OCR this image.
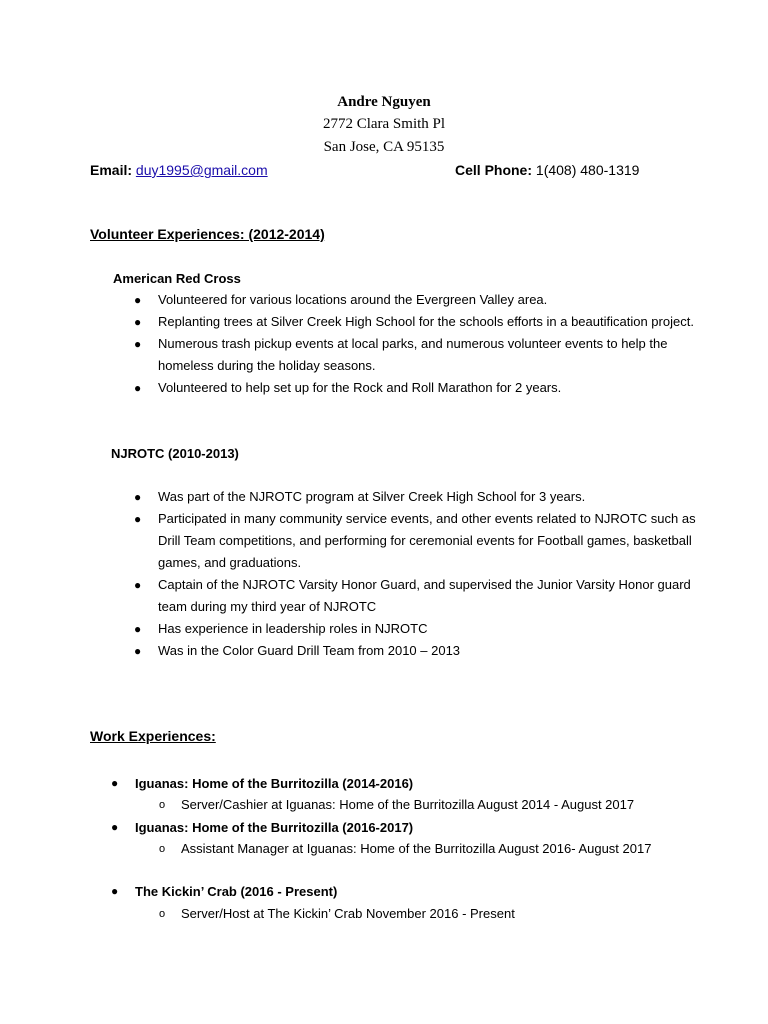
Andre Nguyen
2772 Clara Smith Pl
San Jose, CA 95135
Email: duy1995@gmail.com	Cell Phone: 1(408) 480-1319
Volunteer Experiences: (2012-2014)
American Red Cross
● Volunteered for various locations around the Evergreen Valley area.
● Replanting trees at Silver Creek High School for the schools efforts in a beautification project.
● Numerous trash pickup events at local parks, and numerous volunteer events to help the homeless during the holiday seasons.
● Volunteered to help set up for the Rock and Roll Marathon for 2 years.
NJROTC (2010-2013)
● Was part of the NJROTC program at Silver Creek High School for 3 years.
● Participated in many community service events, and other events related to NJROTC such as Drill Team competitions, and performing for ceremonial events for Football games, basketball games, and graduations.
● Captain of the NJROTC Varsity Honor Guard, and supervised the Junior Varsity Honor guard team during my third year of NJROTC
● Has experience in leadership roles in NJROTC
● Was in the Color Guard Drill Team from 2010 – 2013
Work Experiences:
● Iguanas: Home of the Burritozilla (2014-2016)
o Server/Cashier at Iguanas: Home of the Burritozilla August 2014 - August 2017
● Iguanas: Home of the Burritozilla (2016-2017)
o Assistant Manager at Iguanas: Home of the Burritozilla August 2016- August 2017
● The Kickin’ Crab (2016 - Present)
o Server/Host at The Kickin’ Crab November 2016 - Present
